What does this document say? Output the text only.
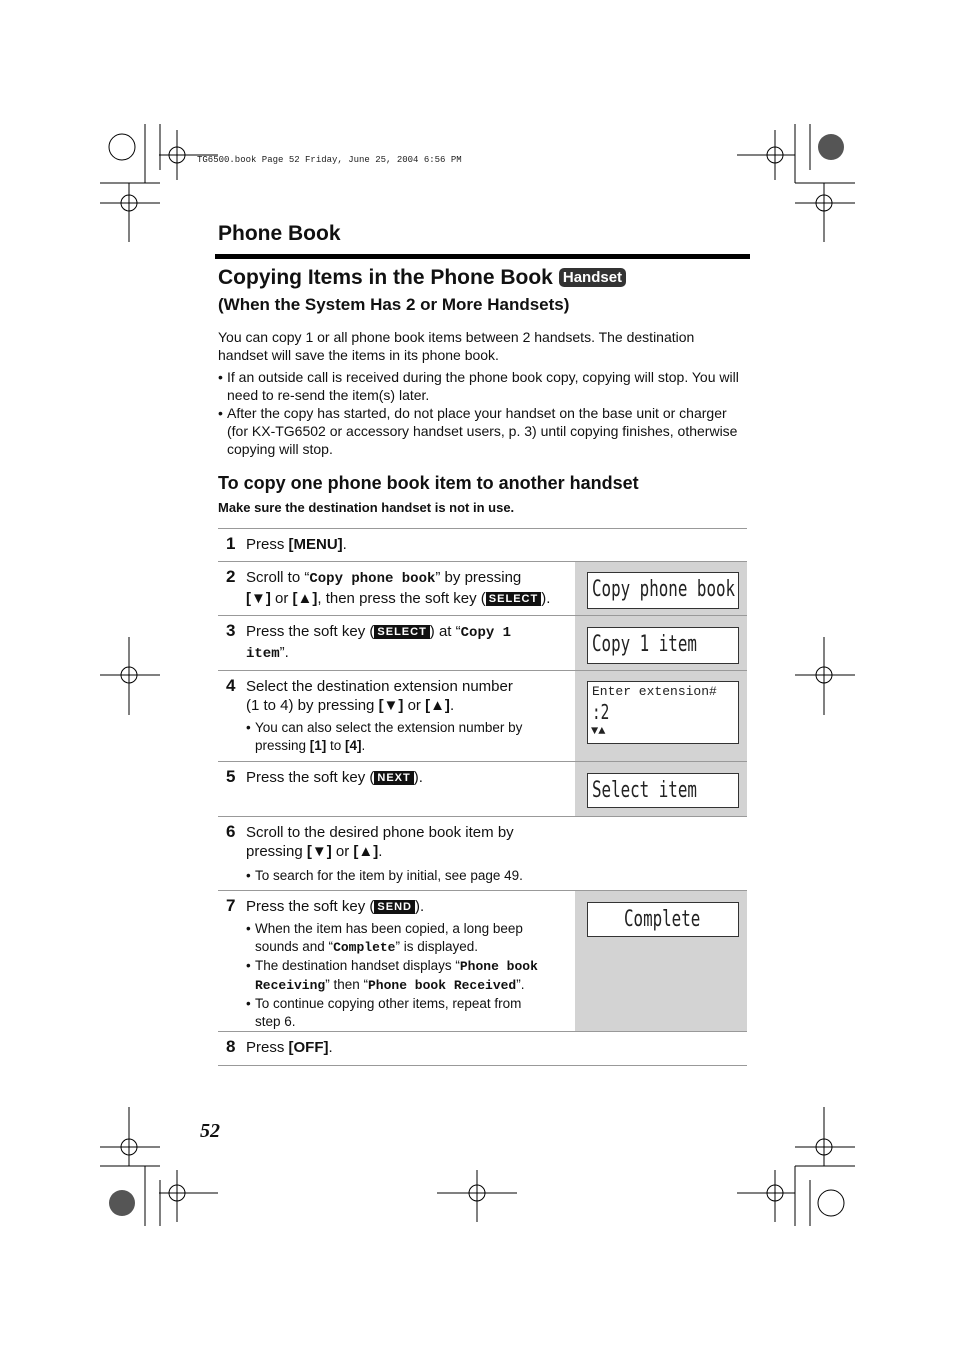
TG6500.book Page 52 Friday, June 25, 2004 6:56 PM
Phone Book
Copying Items in the Phone Book Handset
(When the System Has 2 or More Handsets)
You can copy 1 or all phone book items between 2 handsets. The destination handset will save the items in its phone book.
• If an outside call is received during the phone book copy, copying will stop. You will need to re-send the item(s) later.
• After the copy has started, do not place your handset on the base unit or charger (for KX-TG6502 or accessory handset users, p. 3) until copying finishes, otherwise copying will stop.
To copy one phone book item to another handset
Make sure the destination handset is not in use.
1 Press [MENU].
2 Scroll to “Copy phone book” by pressing
[▼] or [▲], then press the soft key ( SELECT ).	Copy phone book
3 Press the soft key ( SELECT ) at “Copy 1
item”.	Copy 1 item
4 Select the destination extension number
(1 to 4) by pressing [▼] or [▲].
• You can also select the extension number by
pressing [1] to [4].
Enter extension#
:2
▼▲
5 Press the soft key ( NEXT ).
Select item
6 Scroll to the desired phone book item by
pressing [▼] or [▲].
• To search for the item by initial, see page 49.
7 Press the soft key ( SEND ).
• When the item has been copied, a long beep
sounds and “Complete” is displayed.
• The destination handset displays “Phone book
Receiving” then “Phone book Received”.
• To continue copying other items, repeat from
step 6.
Complete
8 Press [OFF].
52
